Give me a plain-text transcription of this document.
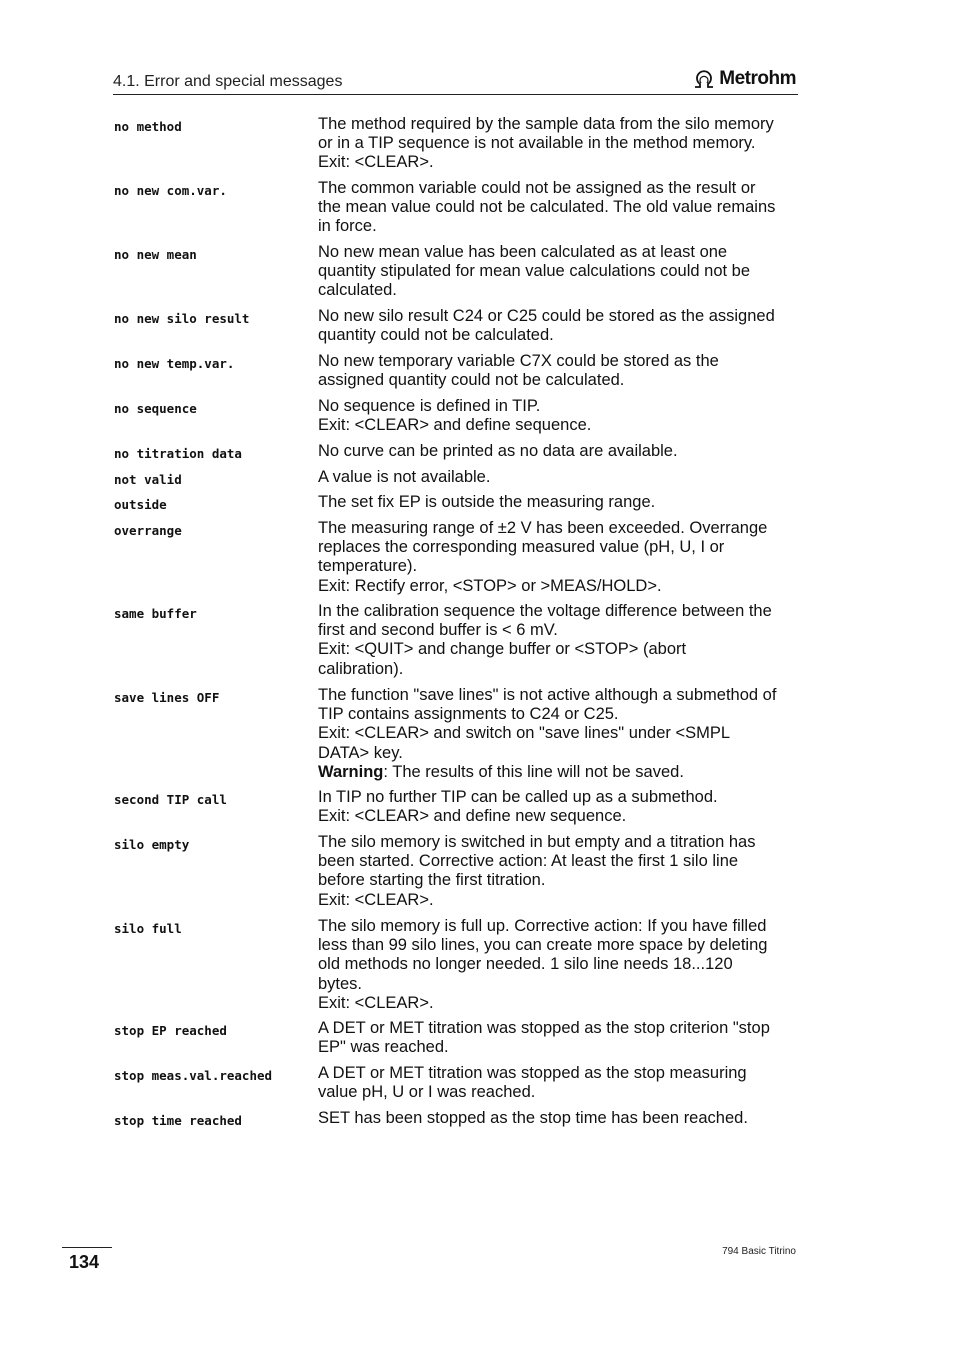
4.1. Error and special messages	Metrohm
no method	The method required by the sample data from the silo memory
or in a TIP sequence is not available in the method memory.
Exit: <CLEAR>.
no new com.var.	The common variable could not be assigned as the result or
the mean value could not be calculated. The old value remains
in force.
no new mean	No new mean value has been calculated as at least one
quantity stipulated for mean value calculations could not be
calculated.
no new silo result	No new silo result C24 or C25 could be stored as the assigned
quantity could not be calculated.
no new temp.var.	No new temporary variable C7X could be stored as the
assigned quantity could not be calculated.
no sequence	No sequence is defined in TIP.
Exit: <CLEAR> and define sequence.
no titration data	No curve can be printed as no data are available.
not valid	A value is not available.
outside	The set fix EP is outside the measuring range.
overrange	The measuring range of ±2 V has been exceeded. Overrange
replaces the corresponding measured value (pH, U, I or
temperature).
Exit: Rectify error, <STOP> or >MEAS/HOLD>.
same buffer	In the calibration sequence the voltage difference between the
first and second buffer is < 6 mV.
Exit: <QUIT> and change buffer or <STOP> (abort
calibration).
save lines OFF	The function "save lines" is not active although a submethod of
TIP contains assignments to C24 or C25.
Exit: <CLEAR> and switch on "save lines" under <SMPL
DATA> key.
Warning: The results of this line will not be saved.
second TIP call	In TIP no further TIP can be called up as a submethod.
Exit: <CLEAR> and define new sequence.
silo empty	The silo memory is switched in but empty and a titration has
been started. Corrective action: At least the first 1 silo line
before starting the first titration.
Exit: <CLEAR>.
silo full	The silo memory is full up. Corrective action: If you have filled
less than 99 silo lines, you can create more space by deleting
old methods no longer needed. 1 silo line needs 18...120
bytes.
Exit: <CLEAR>.
stop EP reached	A DET or MET titration was stopped as the stop criterion "stop
EP" was reached.
stop meas.val.reached	A DET or MET titration was stopped as the stop measuring
value pH, U or I was reached.
stop time reached	SET has been stopped as the stop time has been reached.
134
794 Basic Titrino
